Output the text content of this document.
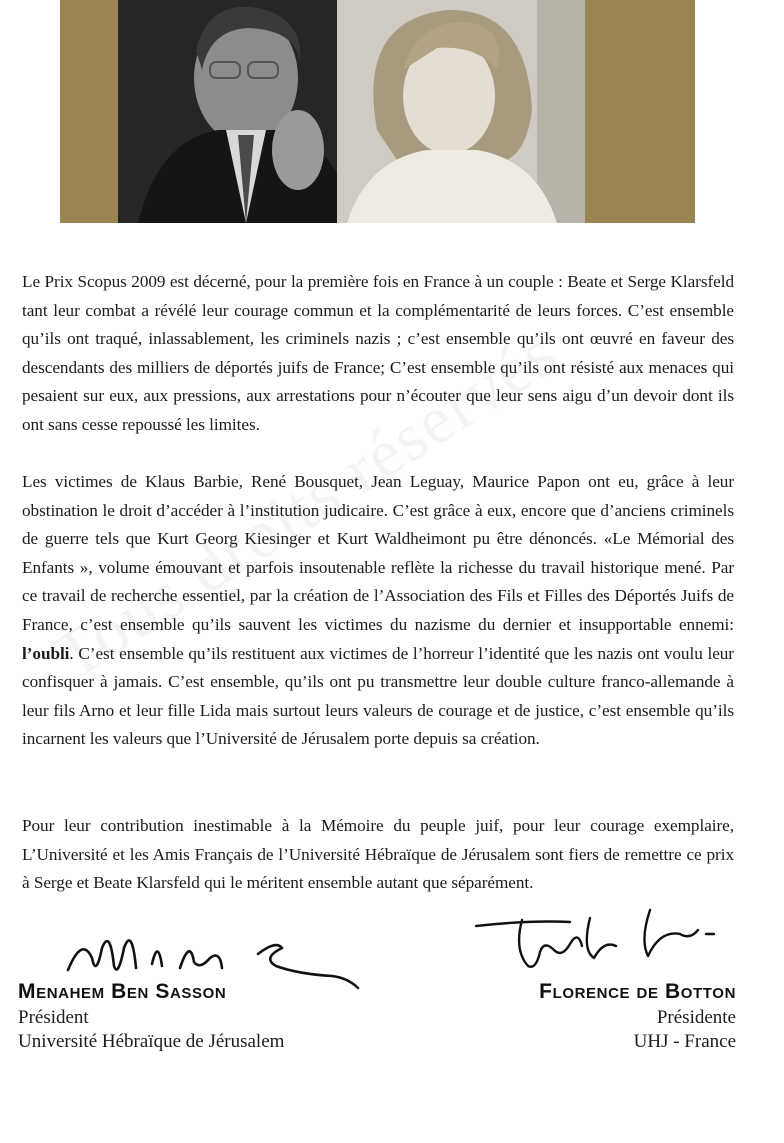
Le Prix Scopus 2009 est décerné, pour la première fois en France à un couple : Beate et Serge Klarsfeld tant leur combat a révélé leur courage commun et la complémentarité de leurs forces. C’est ensemble qu’ils ont traqué, inlassablement, les criminels nazis ; c’est ensemble qu’ils ont œuvré en faveur des descendants des milliers de déportés juifs de France; C’est ensemble qu’ils ont résisté aux menaces qui pesaient sur eux, aux pressions, aux arrestations pour n’écouter que leur sens aigu d’un devoir dont ils ont sans cesse repoussé les limites.
Les victimes de Klaus Barbie, René Bousquet, Jean Leguay, Maurice Papon ont eu, grâce à leur obstination le droit d’accéder à l’institution judicaire. C’est grâce à eux, encore que d’anciens criminels de guerre tels que Kurt Georg Kiesinger et Kurt Waldheimont pu être dénoncés. «Le Mémorial des Enfants », volume émouvant et parfois insoutenable reflète la richesse du travail historique mené. Par ce travail de recherche essentiel, par la création de l’Association des Fils et Filles des Déportés Juifs de France, c’est ensemble qu’ils sauvent les victimes du nazisme du dernier et insupportable ennemi: l’oubli. C’est ensemble qu’ils restituent aux victimes de l’horreur l’identité que les nazis ont voulu leur confisquer à jamais. C’est ensemble, qu’ils ont pu transmettre leur double culture franco-allemande à leur fils Arno et leur fille Lida mais surtout leurs valeurs de courage et de justice, c’est ensemble qu’ils incarnent les valeurs que l’Université de Jérusalem porte depuis sa création.
Pour leur contribution inestimable à la Mémoire du peuple juif, pour leur courage exemplaire, L’Université et les Amis Français de l’Université Hébraïque de Jérusalem sont fiers de remettre ce prix à Serge et Beate Klarsfeld qui le méritent ensemble autant que séparément.
Menahem Ben Sasson
Président
Université Hébraïque de Jérusalem
Florence de Botton
Présidente
UHJ - France
